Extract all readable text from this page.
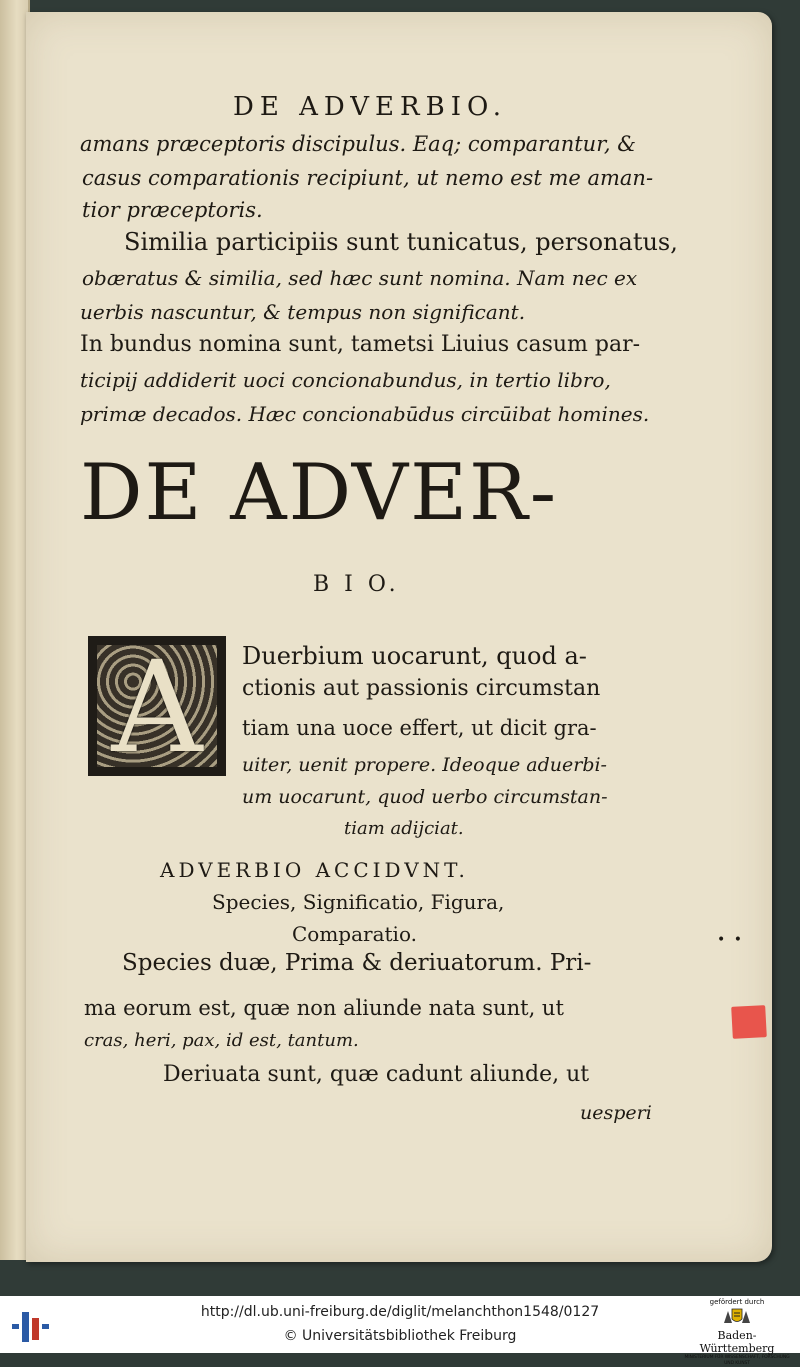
DE ADVERBIO.
amans præceptoris discipulus. Eaq; comparantur, &
casus comparationis recipiunt, ut nemo est me aman-
tior præceptoris.
Similia participiis sunt tunicatus, personatus,
obæratus & similia, sed hæc sunt nomina. Nam nec ex
uerbis nascuntur, & tempus non significant.
In bundus nomina sunt, tametsi Liuius casum par-
ticipij addiderit uoci concionabundus, in tertio libro,
primæ decados. Hæc concionabūdus circūibat homines.
DE ADVER-
B I O.
A	Duerbium uocarunt, quod a-
ctionis aut passionis circumstan
tiam una uoce effert, ut dicit gra-
uiter, uenit propere. Ideoque aduerbi-
um uocarunt, quod uerbo circumstan-
tiam adijciat.
ADVERBIO ACCIDVNT.
Species, Significatio, Figura,
Comparatio.
Species duæ, Prima & deriuatorum. Pri-
ma eorum est, quæ non aliunde nata sunt, ut
cras, heri, pax, id est, tantum.
Deriuata sunt, quæ cadunt aliunde, ut
uesperi
• •
http://dl.ub.uni-freiburg.de/diglit/melanchthon1548/0127
© Universitätsbibliothek Freiburg
gefördert durch
Baden-Württemberg
MINISTERIUM FÜR WISSENSCHAFT, FORSCHUNG UND KUNST
